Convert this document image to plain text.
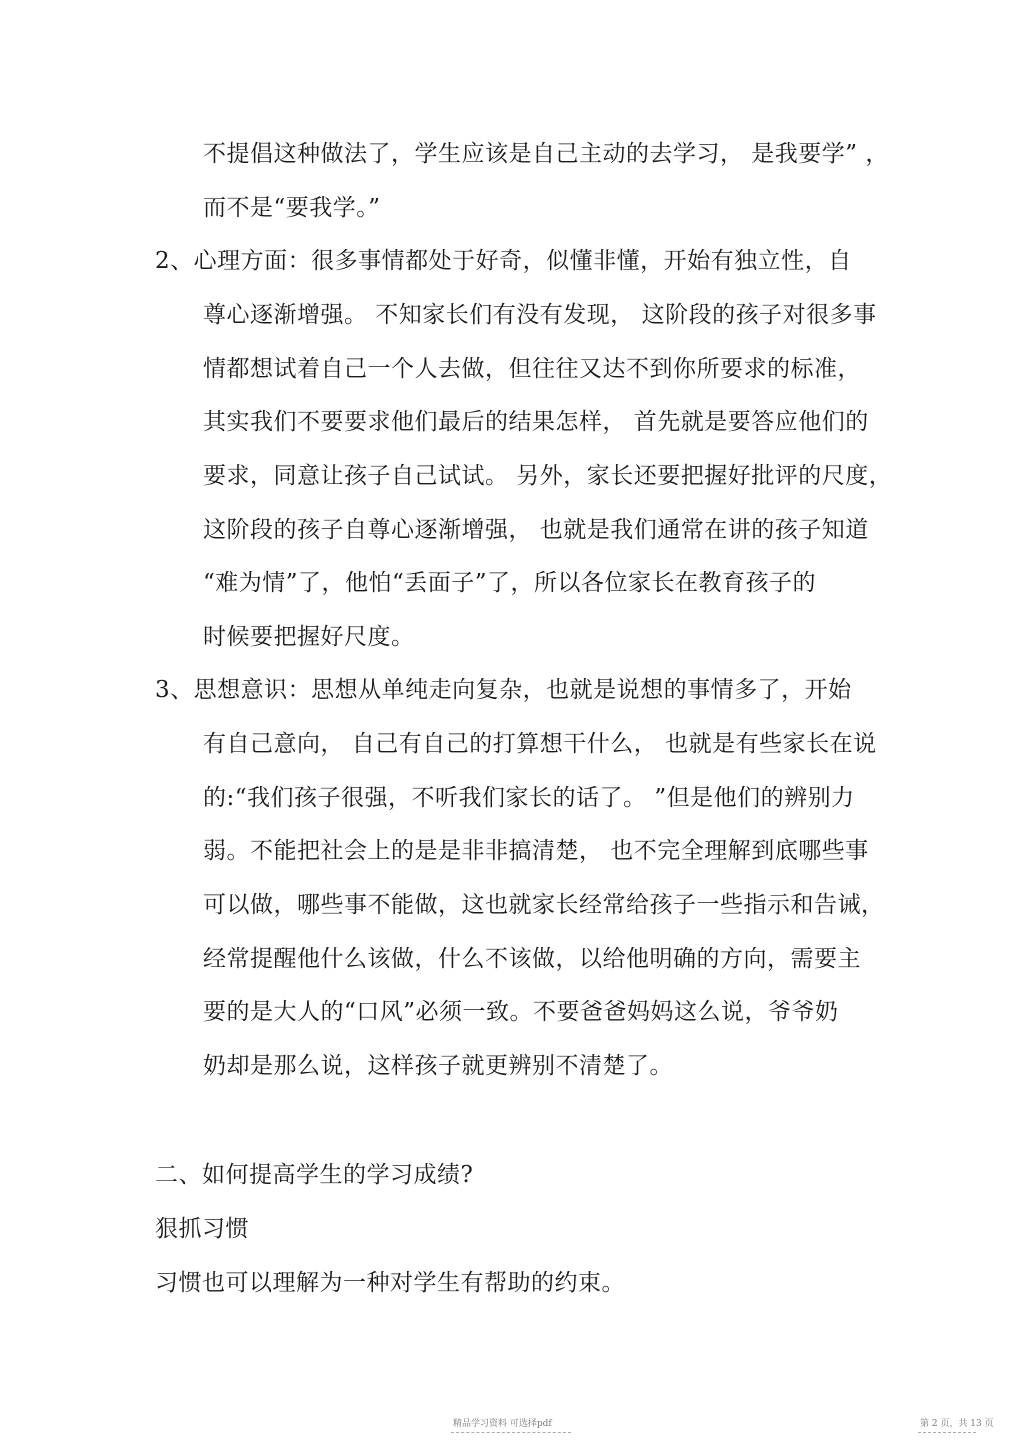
不提倡这种做法了，学生应该是自己主动的去学习， 是我要学” ，
而不是“要我学。”
2、心理方面：很多事情都处于好奇，似懂非懂，开始有独立性，自
尊心逐渐增强。 不知家长们有没有发现， 这阶段的孩子对很多事
情都想试着自己一个人去做，但往往又达不到你所要求的标准，
其实我们不要要求他们最后的结果怎样， 首先就是要答应他们的
要求，同意让孩子自己试试。 另外，家长还要把握好批评的尺度，
这阶段的孩子自尊心逐渐增强， 也就是我们通常在讲的孩子知道
“难为情”了，他怕“丢面子”了，所以各位家长在教育孩子的
时候要把握好尺度。
3、思想意识：思想从单纯走向复杂，也就是说想的事情多了，开始
有自己意向， 自己有自己的打算想干什么， 也就是有些家长在说
的:“我们孩子很强，不听我们家长的话了。 ”但是他们的辨别力
弱。不能把社会上的是是非非搞清楚， 也不完全理解到底哪些事
可以做，哪些事不能做，这也就家长经常给孩子一些指示和告诫，
经常提醒他什么该做，什么不该做，以给他明确的方向，需要主
要的是大人的“口风”必须一致。不要爸爸妈妈这么说，爷爷奶
奶却是那么说，这样孩子就更辨别不清楚了。
二、如何提高学生的学习成绩?
狠抓习惯
习惯也可以理解为一种对学生有帮助的约束。
精品学习资料 可选择pdf	第 2 页，共 13 页
